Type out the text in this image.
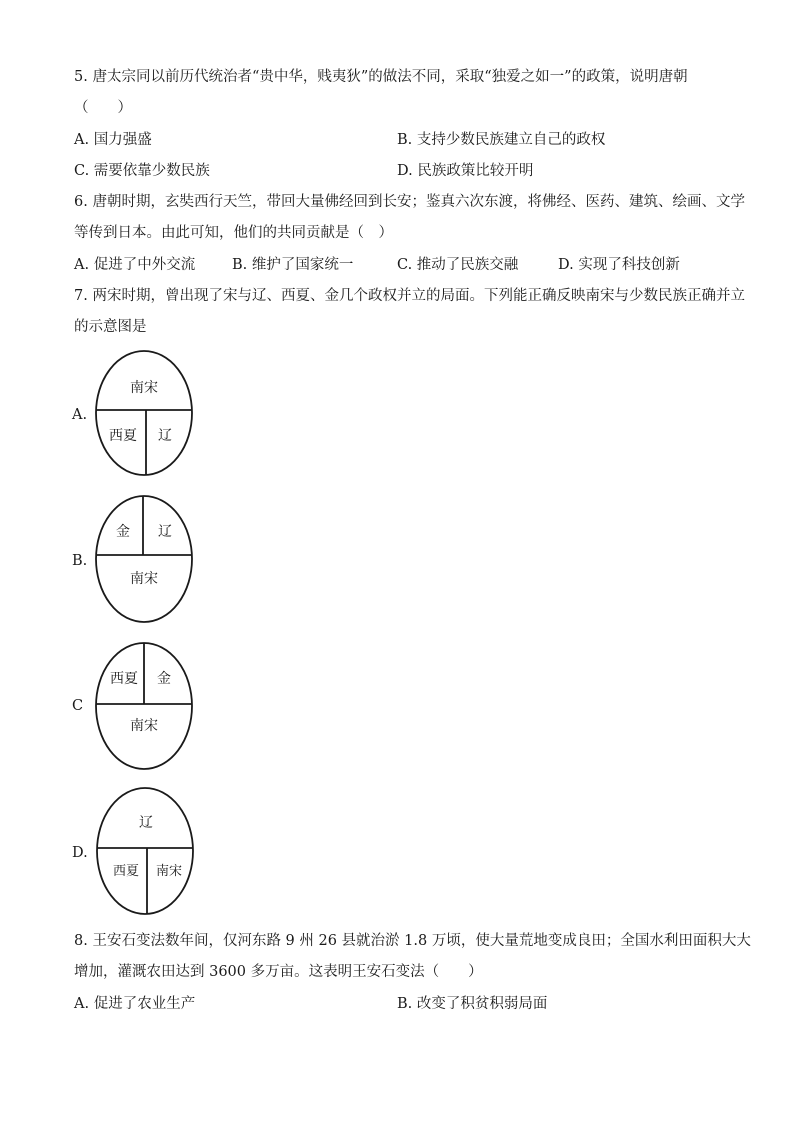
5. 唐太宗同以前历代统治者“贵中华，贱夷狄”的做法不同，采取“独爱之如一”的政策，说明唐朝
（　　）
A. 国力强盛	B. 支持少数民族建立自己的政权
C. 需要依靠少数民族	D. 民族政策比较开明
6. 唐朝时期，玄奘西行天竺，带回大量佛经回到长安；鉴真六次东渡，将佛经、医药、建筑、绘画、文学
等传到日本。由此可知，他们的共同贡献是（　）
A. 促进了中外交流	B. 维护了国家统一	C. 推动了民族交融	D. 实现了科技创新
7. 两宋时期，曾出现了宋与辽、西夏、金几个政权并立的局面。下列能正确反映南宋与少数民族正确并立
的示意图是
A.
南宋
西夏 辽
B.
金 辽
南宋
C
西夏 金
南宋
D.
辽
西夏 南宋
8. 王安石变法数年间，仅河东路 9 州 26 县就治淤 1.8 万顷，使大量荒地变成良田；全国水利田面积大大
增加，灌溉农田达到 3600 多万亩。这表明王安石变法（　　）
A. 促进了农业生产	B. 改变了积贫积弱局面
